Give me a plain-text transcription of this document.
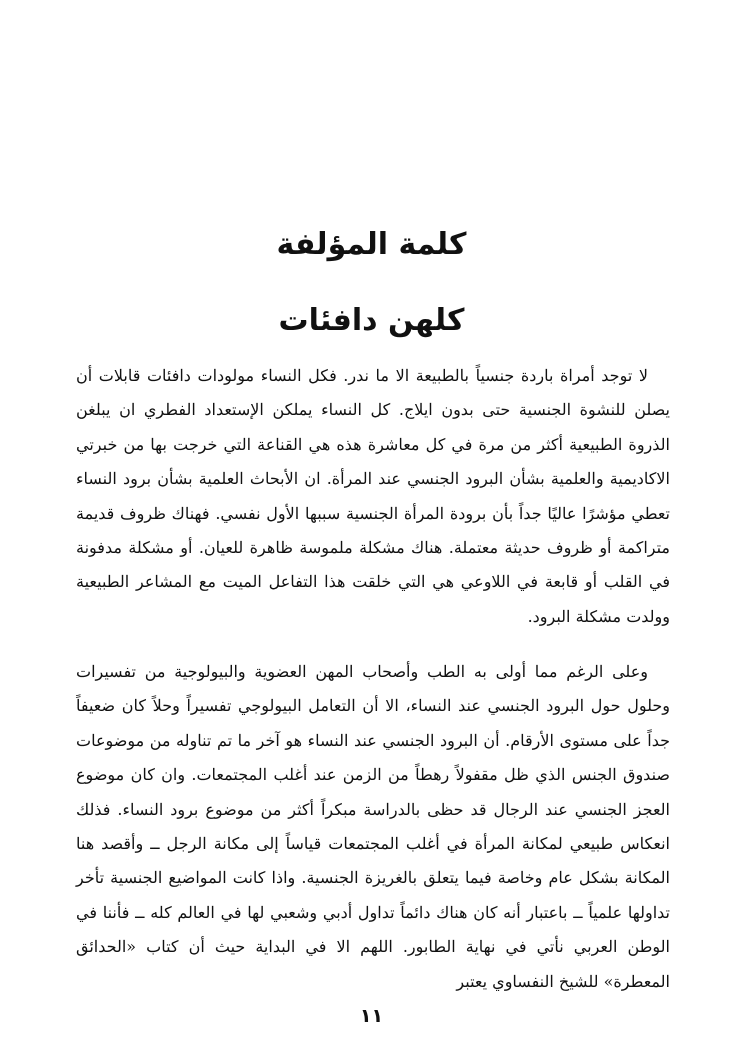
كلمة المؤلفة
كلهن دافئات

لا توجد أمراة باردة جنسياً بالطبيعة الا ما ندر. فكل النساء مولودات دافئات قابلات أن يصلن للنشوة الجنسية حتى بدون ايلاج. كل النساء يملكن الإستعداد الفطري ان يبلغن الذروة الطبيعية أكثر من مرة في كل معاشرة هذه هي القناعة التي خرجت بها من خبرتي الاكاديمية والعلمية بشأن البرود الجنسي عند المرأة. ان الأبحاث العلمية بشأن برود النساء تعطي مؤشرًا عاليًا جداً بأن برودة المرأة الجنسية سببها الأول نفسي. فهناك ظروف قديمة متراكمة أو ظروف حديثة معتملة. هناك مشكلة ملموسة ظاهرة للعيان. أو مشكلة مدفونة في القلب أو قابعة في اللاوعي هي التي خلقت هذا التفاعل الميت مع المشاعر الطبيعية وولدت مشكلة البرود.

وعلى الرغم مما أولى به الطب وأصحاب المهن العضوية والبيولوجية من تفسيرات وحلول حول البرود الجنسي عند النساء، الا أن التعامل البيولوجي تفسيراً وحلاً كان ضعيفاً جداً على مستوى الأرقام. أن البرود الجنسي عند النساء هو آخر ما تم تناوله من موضوعات صندوق الجنس الذي ظل مقفولاً رهطاً من الزمن عند أغلب المجتمعات. وان كان موضوع العجز الجنسي عند الرجال قد حظى بالدراسة مبكراً أكثر من موضوع برود النساء. فذلك انعكاس طبيعي لمكانة المرأة في أغلب المجتمعات قياساً إلى مكانة الرجل ــ وأقصد هنا المكانة بشكل عام وخاصة فيما يتعلق بالغريزة الجنسية. واذا كانت المواضيع الجنسية تأخر تداولها علمياً ــ باعتبار أنه كان هناك دائماً تداول أدبي وشعبي لها في العالم كله ــ فأننا في الوطن العربي نأتي في نهاية الطابور. اللهم الا في البداية حيث أن كتاب «الحدائق المعطرة» للشيخ النفساوي يعتبر

١١
